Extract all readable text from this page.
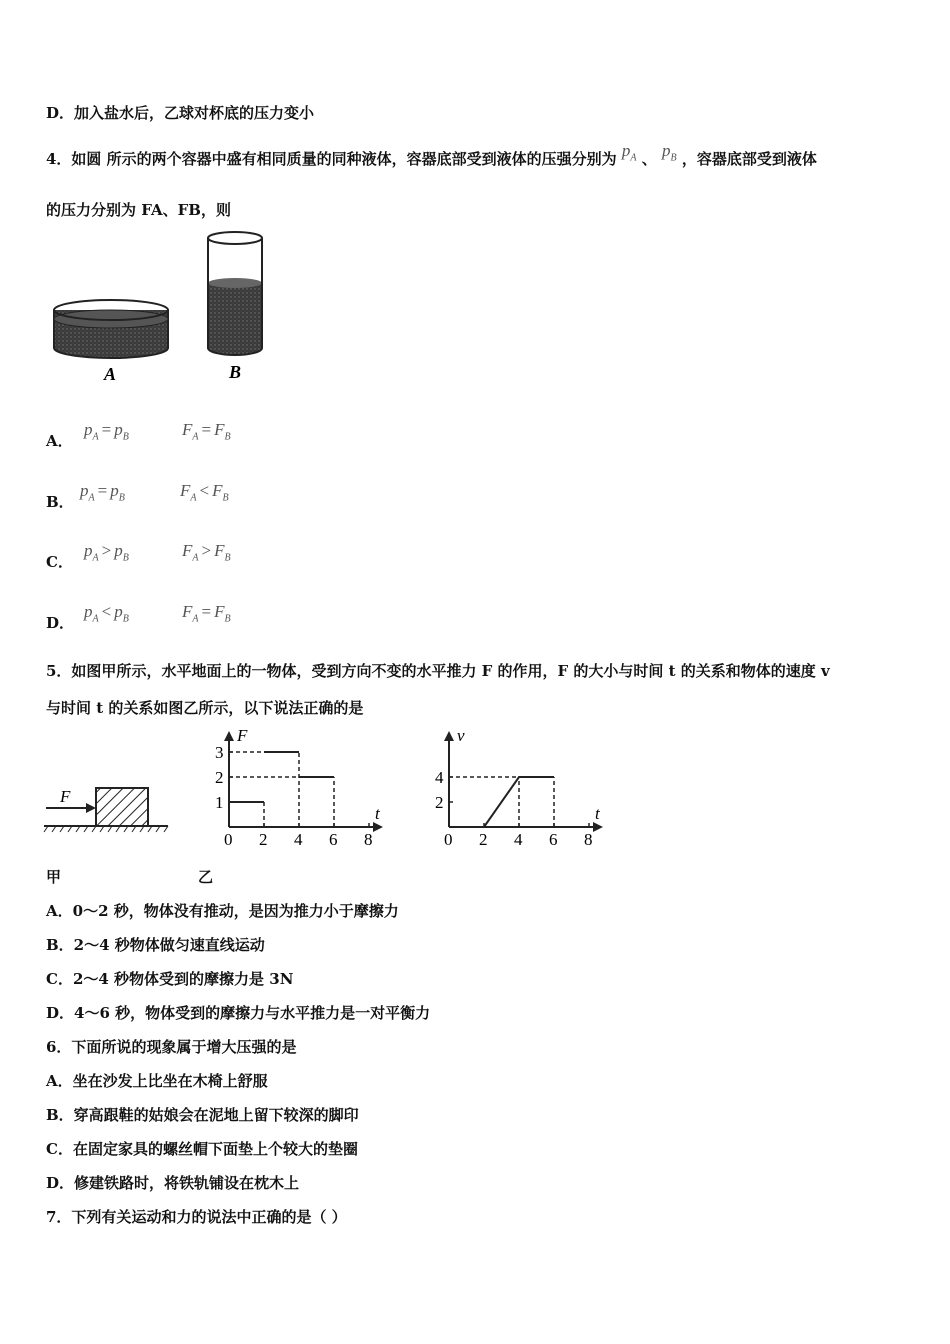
D．加入盐水后，乙球对杯底的压力变小
4．如圆 所示的两个容器中盛有相同质量的同种液体，容器底部受到液体的压强分别为 $p_A$ 、 $p_B$ ，容器底部受到液体
的压力分别为 FA、FB，则
A	B
A．
$p_A = p_B$	$F_A = F_B$
B．
$p_A = p_B$	$F_A < F_B$
C．
$p_A > p_B$	$F_A > F_B$
D．
$p_A < p_B$	$F_A = F_B$
5．如图甲所示，水平地面上的一物体，受到方向不变的水平推力 F 的作用，F 的大小与时间 t 的关系和物体的速度 v
与时间 t 的关系如图乙所示，以下说法正确的是
F
t
F
0 2 4 6 8
1
2
3
t
v
0 2 4 6 8
2
4
甲	乙
A．0～2 秒，物体没有推动，是因为推力小于摩擦力
B．2～4 秒物体做匀速直线运动
C．2～4 秒物体受到的摩擦力是 3N
D．4～6 秒，物体受到的摩擦力与水平推力是一对平衡力
6．下面所说的现象属于增大压强的是
A．坐在沙发上比坐在木椅上舒服
B．穿高跟鞋的姑娘会在泥地上留下较深的脚印
C．在固定家具的螺丝帽下面垫上个较大的垫圈
D．修建铁路时，将铁轨铺设在枕木上
7．下列有关运动和力的说法中正确的是（ ）
